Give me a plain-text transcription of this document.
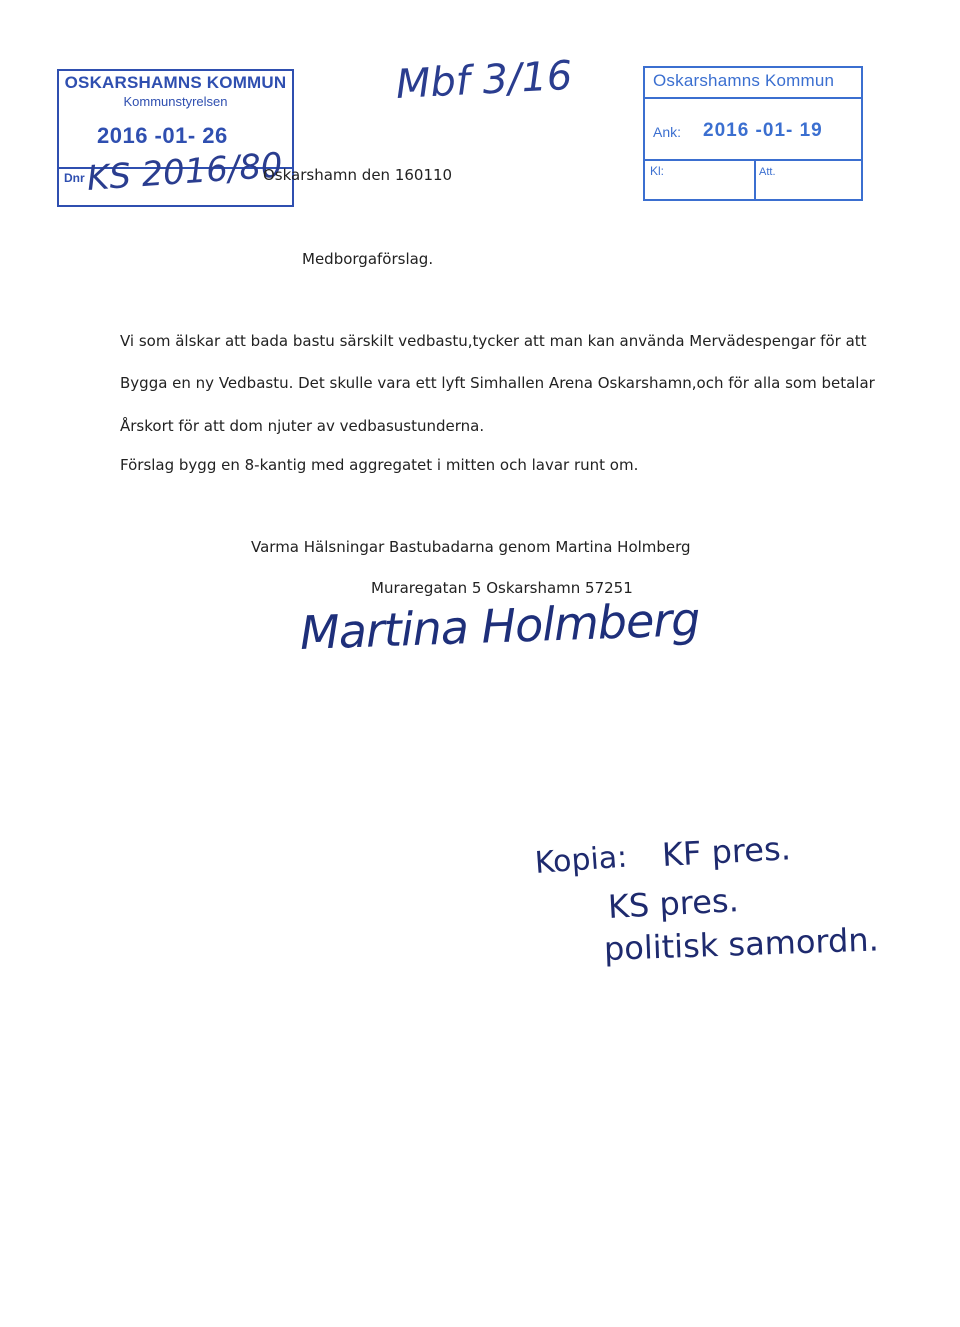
OSKARSHAMNS KOMMUN
Kommunstyrelsen
2016 -01- 26
Dnr KS 2016/80
Mbf 3/16	Oskarshamns Kommun
Ank: 2016 -01- 19
Kl:	Att.
Oskarshamn den 160110
Medborgaförslag.
Vi som älskar att bada bastu särskilt vedbastu,tycker att man kan använda Mervädespengar för att
Bygga en ny Vedbastu. Det skulle vara ett lyft Simhallen Arena Oskarshamn,och för alla som betalar
Årskort för att dom njuter av vedbasustunderna.
Förslag bygg en 8-kantig med aggregatet i mitten och lavar runt om.
Varma Hälsningar Bastubadarna genom Martina Holmberg
Muraregatan 5 Oskarshamn 57251
Martina Holmberg
Kopia: KF pres.
KS pres.
politisk samordn.
